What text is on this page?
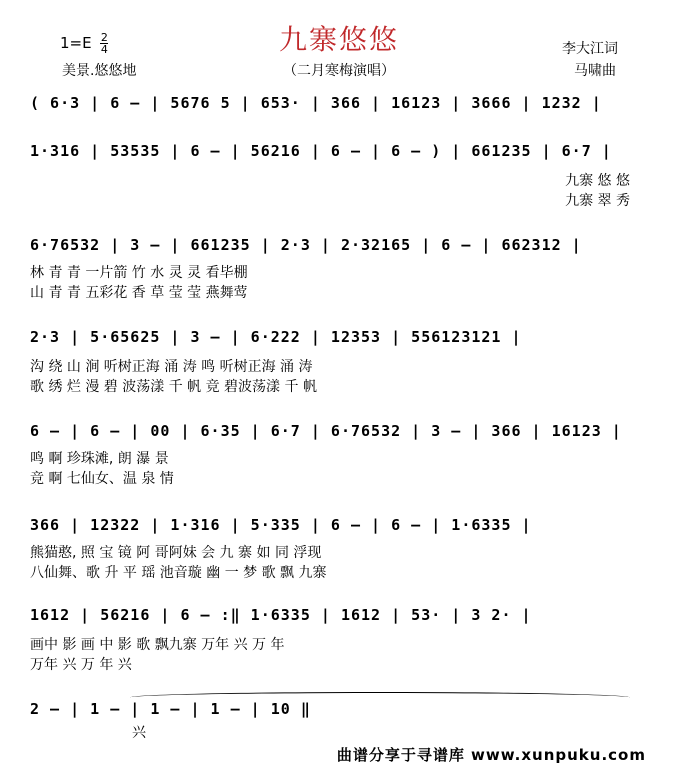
九寨悠悠
$1=E \frac{2}{4}$
美景.悠悠地	（二月寒梅演唱）
李大江词
马啸曲
( 6·3 | 6 – | 5676 5 | 653· | 366 | 16123 | 3666 | 1232 |
1·316 | 53535 | 6 – | 56216 | 6 – | 6 – ) | 661235 | 6·7 |
九寨 悠 悠
九寨 翠 秀
6·76532 | 3 – | 661235 | 2·3 | 2·32165 | 6 – | 662312 |
林 青 青 一片箭 竹 水 灵 灵 看毕棚
山 青 青 五彩花 香 草 莹 莹 燕舞莺
2·3 | 5·65625 | 3 – | 6·222 | 12353 | 556123121 |
沟 绕 山 涧 听树正海 涌 涛 鸣 听树正海 涌 涛
歌 绣 烂 漫 碧 波荡漾 千 帆 竞 碧波荡漾 千 帆
6 – | 6 – | 00 | 6·35 | 6·7 | 6·76532 | 3 – | 366 | 16123 |
鸣 啊 珍珠滩, 朗 瀑 景
竞 啊 七仙女、温 泉 情
366 | 12322 | 1·316 | 5·335 | 6 – | 6 – | 1·6335 |
熊猫憨, 照 宝 镜 阿 哥阿妹 会 九 寨 如 同 浮现
八仙舞、歌 升 平 瑶 池音璇 幽 一 梦 歌 飘 九寨
1612 | 56216 | 6 – :‖ 1·6335 | 1612 | 53· | 3 2· |
画中 影 画 中 影 歌 飘九寨 万年 兴 万 年
万年 兴 万 年 兴
2 – | 1 – | 1 – | 1 – | 10 ‖
兴
曲谱分享于寻谱库 www.xunpuku.com
